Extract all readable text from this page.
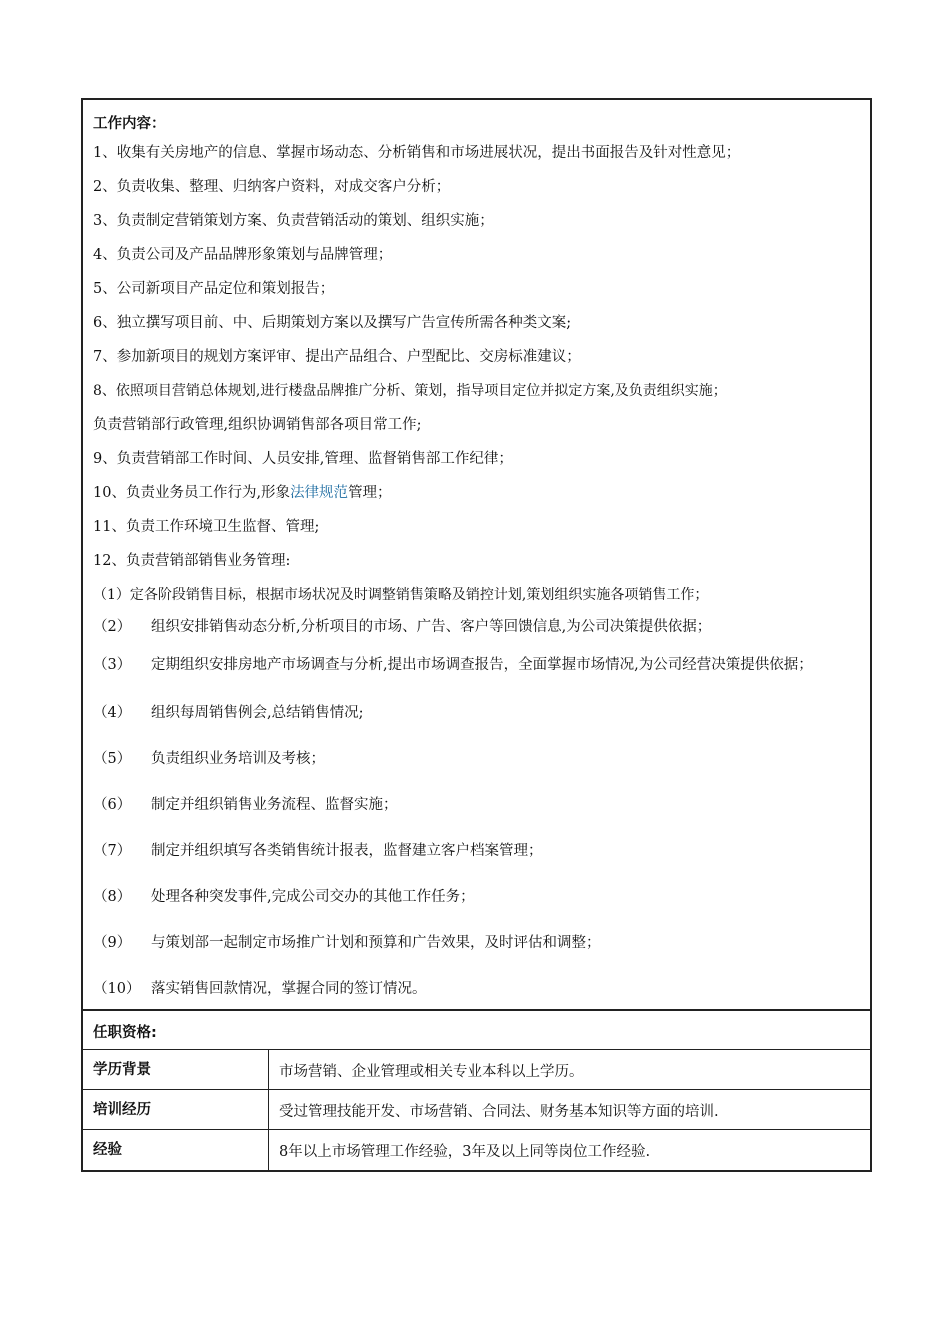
工作内容：
1、收集有关房地产的信息、掌握市场动态、分析销售和市场进展状况，提出书面报告及针对性意见；
2、负责收集、整理、归纳客户资料，对成交客户分析；
3、负责制定营销策划方案、负责营销活动的策划、组织实施；
4、负责公司及产品品牌形象策划与品牌管理；
5、公司新项目产品定位和策划报告；
6、独立撰写项目前、中、后期策划方案以及撰写广告宣传所需各种类文案;
7、参加新项目的规划方案评审、提出产品组合、户型配比、交房标准建议；
8、依照项目营销总体规划,进行楼盘品牌推广分析、策划，指导项目定位并拟定方案,及负责组织实施；
负责营销部行政管理,组织协调销售部各项目常工作;
9、负责营销部工作时间、人员安排,管理、监督销售部工作纪律；
10、负责业务员工作行为,形象法律规范管理；
11、负责工作环境卫生监督、管理;
12、负责营销部销售业务管理:
（1）定各阶段销售目标，根据市场状况及时调整销售策略及销控计划,策划组织实施各项销售工作；
（2）	组织安排销售动态分析,分析项目的市场、广告、客户等回馈信息,为公司决策提供依据；
（3）	定期组织安排房地产市场调查与分析,提出市场调查报告，全面掌握市场情况,为公司经营决策提供依据；
（4）	组织每周销售例会,总结销售情况;
（5）	负责组织业务培训及考核；
（6）	制定并组织销售业务流程、监督实施；
（7）	制定并组织填写各类销售统计报表，监督建立客户档案管理；
（8）	处理各种突发事件,完成公司交办的其他工作任务；
（9）	与策划部一起制定市场推广计划和预算和广告效果，及时评估和调整；
（10） 落实销售回款情况，掌握合同的签订情况。
任职资格:
学历背景	市场营销、企业管理或相关专业本科以上学历。
培训经历	受过管理技能开发、市场营销、合同法、财务基本知识等方面的培训.
经验	8年以上市场管理工作经验，3年及以上同等岗位工作经验.
